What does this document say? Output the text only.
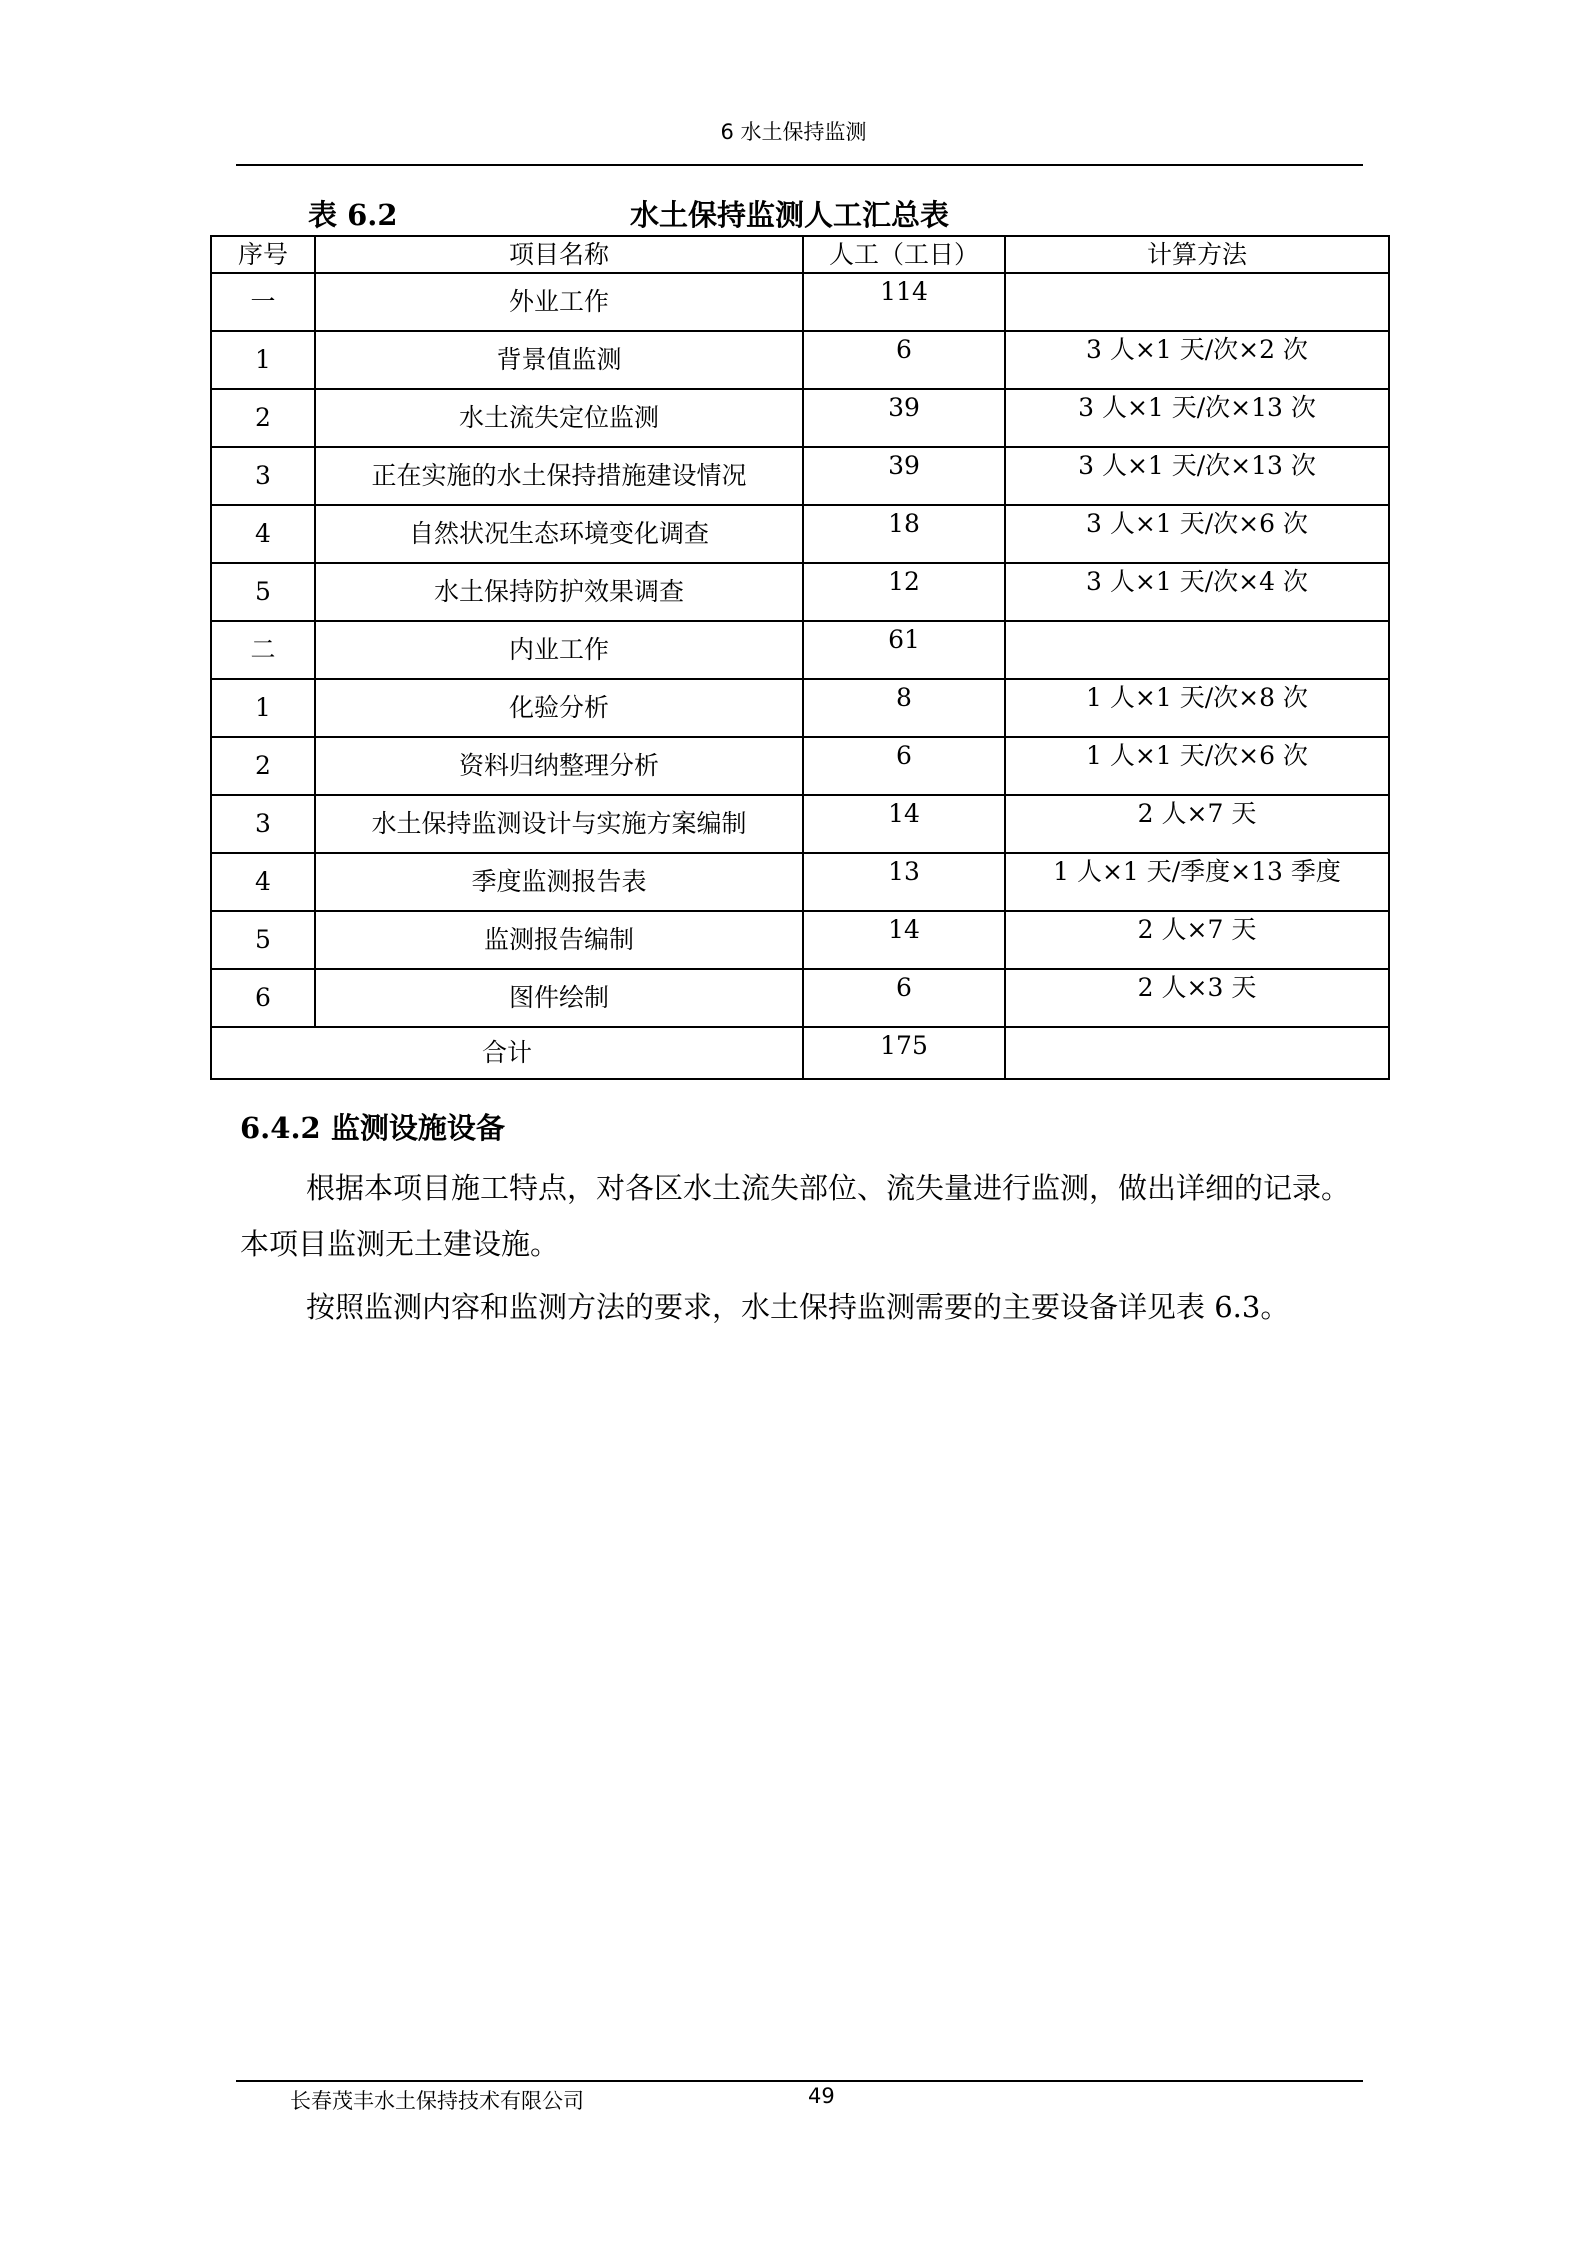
6 水土保持监测
表 6.2	水土保持监测人工汇总表
序号	项目名称	人工（工日）	计算方法
一	外业工作	114	
1	背景值监测	6	3 人×1 天/次×2 次
2	水土流失定位监测	39	3 人×1 天/次×13 次
3	正在实施的水土保持措施建设情况	39	3 人×1 天/次×13 次
4	自然状况生态环境变化调查	18	3 人×1 天/次×6 次
5	水土保持防护效果调查	12	3 人×1 天/次×4 次
二	内业工作	61	
1	化验分析	8	1 人×1 天/次×8 次
2	资料归纳整理分析	6	1 人×1 天/次×6 次
3	水土保持监测设计与实施方案编制	14	2 人×7 天
4	季度监测报告表	13	1 人×1 天/季度×13 季度
5	监测报告编制	14	2 人×7 天
6	图件绘制	6	2 人×3 天
合计		175	
6.4.2 监测设施设备
根据本项目施工特点，对各区水土流失部位、流失量进行监测，做出详细的记录。本项目监测无土建设施。
按照监测内容和监测方法的要求，水土保持监测需要的主要设备详见表 6.3。
长春茂丰水土保持技术有限公司	49
